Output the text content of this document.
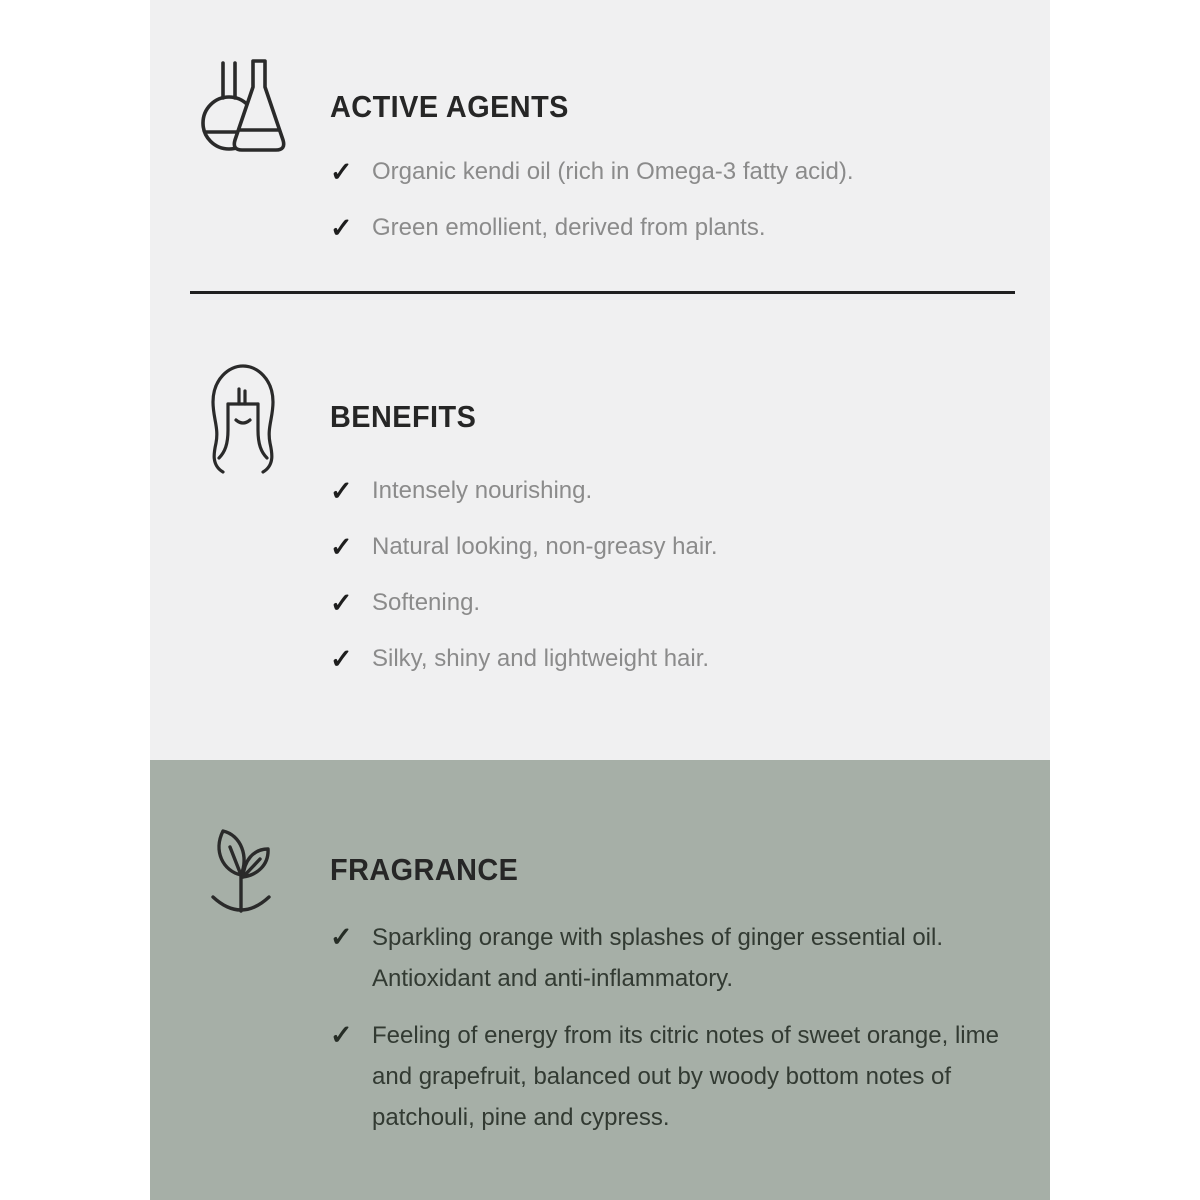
ACTIVE AGENTS
✓ Organic kendi oil (rich in Omega-3 fatty acid).
✓ Green emollient, derived from plants.
BENEFITS
✓ Intensely nourishing.
✓ Natural looking, non-greasy hair.
✓ Softening.
✓ Silky, shiny and lightweight hair.
FRAGRANCE
✓ Sparkling orange with splashes of ginger essential oil. Antioxidant and anti-inflammatory.
✓ Feeling of energy from its citric notes of sweet orange, lime and grapefruit, balanced out by woody bottom notes of patchouli, pine and cypress.
